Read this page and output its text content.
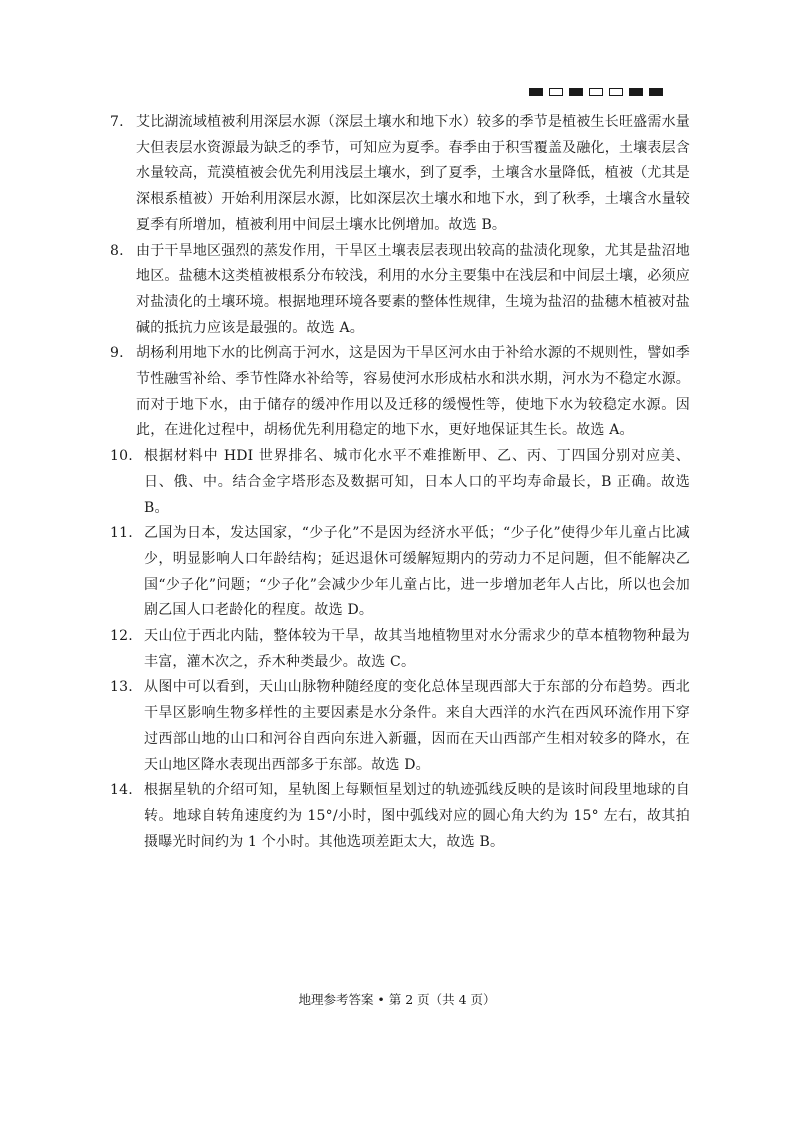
7. 艾比湖流域植被利用深层水源（深层土壤水和地下水）较多的季节是植被生长旺盛需水量大但表层水资源最为缺乏的季节，可知应为夏季。春季由于积雪覆盖及融化，土壤表层含水量较高，荒漠植被会优先利用浅层土壤水，到了夏季，土壤含水量降低，植被（尤其是深根系植被）开始利用深层水源，比如深层次土壤水和地下水，到了秋季，土壤含水量较夏季有所增加，植被利用中间层土壤水比例增加。故选 B。
8. 由于干旱地区强烈的蒸发作用，干旱区土壤表层表现出较高的盐渍化现象，尤其是盐沼地地区。盐穗木这类植被根系分布较浅，利用的水分主要集中在浅层和中间层土壤，必须应对盐渍化的土壤环境。根据地理环境各要素的整体性规律，生境为盐沼的盐穗木植被对盐碱的抵抗力应该是最强的。故选 A。
9. 胡杨利用地下水的比例高于河水，这是因为干旱区河水由于补给水源的不规则性，譬如季节性融雪补给、季节性降水补给等，容易使河水形成枯水和洪水期，河水为不稳定水源。而对于地下水，由于储存的缓冲作用以及迁移的缓慢性等，使地下水为较稳定水源。因此，在进化过程中，胡杨优先利用稳定的地下水，更好地保证其生长。故选 A。
10. 根据材料中 HDI 世界排名、城市化水平不难推断甲、乙、丙、丁四国分别对应美、日、俄、中。结合金字塔形态及数据可知，日本人口的平均寿命最长，B 正确。故选 B。
11. 乙国为日本，发达国家，“少子化”不是因为经济水平低；“少子化”使得少年儿童占比减少，明显影响人口年龄结构；延迟退休可缓解短期内的劳动力不足问题，但不能解决乙国“少子化”问题；“少子化”会减少少年儿童占比，进一步增加老年人占比，所以也会加剧乙国人口老龄化的程度。故选 D。
12. 天山位于西北内陆，整体较为干旱，故其当地植物里对水分需求少的草本植物物种最为丰富，灌木次之，乔木种类最少。故选 C。
13. 从图中可以看到，天山山脉物种随经度的变化总体呈现西部大于东部的分布趋势。西北干旱区影响生物多样性的主要因素是水分条件。来自大西洋的水汽在西风环流作用下穿过西部山地的山口和河谷自西向东进入新疆，因而在天山西部产生相对较多的降水，在天山地区降水表现出西部多于东部。故选 D。
14. 根据星轨的介绍可知，星轨图上每颗恒星划过的轨迹弧线反映的是该时间段里地球的自转。地球自转角速度约为 15°/小时，图中弧线对应的圆心角大约为 15° 左右，故其拍摄曝光时间约为 1 个小时。其他选项差距太大，故选 B。
地理参考答案 • 第 2 页（共 4 页）
